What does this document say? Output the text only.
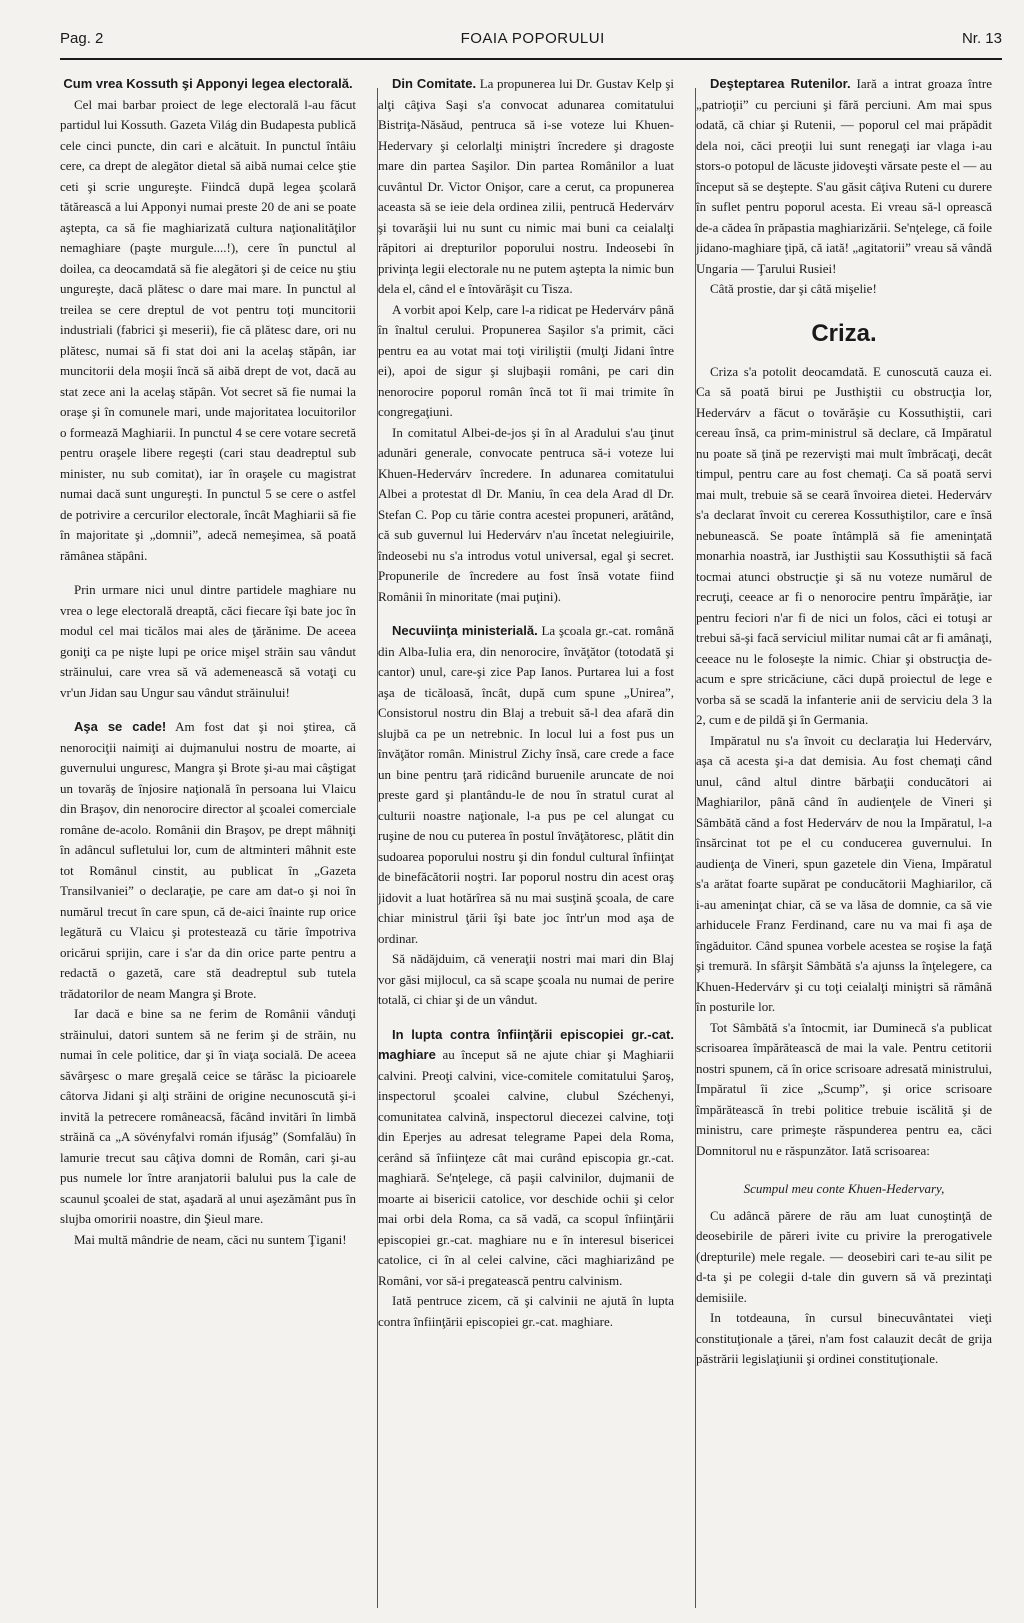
Pag. 2	FOAIA POPORULUI	Nr. 13

Cum vrea Kossuth şi Apponyi legea electorală.

Cel mai barbar proiect de lege electorală l-au făcut partidul lui Kossuth. Gazeta Világ din Budapesta publică cele cinci puncte, din cari e alcătuit. In punctul întâiu cere, ca drept de alegător dietal să aibă numai celce ştie ceti şi scrie ungureşte. Fiindcă după legea şcolară tătărească a lui Apponyi numai preste 20 de ani se poate aştepta, ca să fie maghiarizată cultura naţionalităţilor nemaghiare (paşte murgule....!), cere în punctul al doilea, ca deocamdată să fie alegători şi de ceice nu ştiu ungureşte, dacă plătesc o dare mai mare. In punctul al treilea se cere dreptul de vot pentru toţi muncitorii industriali (fabrici şi meserii), fie că plătesc dare, ori nu plătesc, numai să fi stat doi ani la acelaş stăpân, iar muncitorii dela moşii încă să aibă drept de vot, dacă au stat zece ani la acelaş stăpân. Vot secret să fie numai la oraşe şi în comunele mari, unde majoritatea locuitorilor o formează Maghiarii. In punctul 4 se cere votare secretă pentru oraşele libere regeşti (cari stau deadreptul sub minister, nu sub comitat), iar în oraşele cu magistrat numai dacă sunt ungureşti. In punctul 5 se cere o astfel de potrivire a cercurilor electorale, încât Maghiarii să fie în majoritate şi „domnii”, adecă nemeşimea, să poată rămânea stăpâni.

Prin urmare nici unul dintre partidele maghiare nu vrea o lege electorală dreaptă, căci fiecare îşi bate joc în modul cel mai ticălos mai ales de ţărănime. De aceea goniţi ca pe nişte lupi pe orice mişel străin sau vândut străinului, care vrea să vă ademenească să votaţi cu vr'un Jidan sau Ungur sau vândut străinului!

Aşa se cade! Am fost dat şi noi ştirea, că nenorociţii naimiţi ai dujmanului nostru de moarte, ai guvernului unguresc, Mangra şi Brote şi-au mai câştigat un tovarăş de înjosire naţională în persoana lui Vlaicu din Braşov, din nenorocire director al şcoalei comerciale române de-acolo. Românii din Braşov, pe drept mâhniţi în adâncul sufletului lor, cum de altminteri mâhnit este tot Românul cinstit, au publicat în „Gazeta Transilvaniei” o declaraţie, pe care am dat-o şi noi în numărul trecut în care spun, că de-aici înainte rup orice legătură cu Vlaicu şi protestează cu tărie împotriva oricărui sprijin, care i s'ar da din orice parte pentru a redactă o gazetă, care stă deadreptul sub tutela trădatorilor de neam Mangra şi Brote.

Iar dacă e bine sa ne ferim de Românii vânduţi străinului, datori suntem să ne ferim şi de străin, nu numai în cele politice, dar şi în viaţa socială. De aceea săvârşesc o mare greşală ceice se târăsc la picioarele câtorva Jidani şi alţi străini de origine necunoscută şi-i invită la petrecere româneacsă, făcând invitări în limbă străină ca „A sövényfalvi román ifjuság” (Somfalău) în lamurie trecut sau câţiva domni de Român, cari şi-au pus numele lor între aranjatorii balului pus la cale de scaunul şcoalei de stat, aşadară al unui aşezământ pus în slujba omoririi noastre, din Şieul mare.

Mai multă mândrie de neam, căci nu suntem Ţigani!

Din Comitate. La propunerea lui Dr. Gustav Kelp şi alţi câţiva Saşi s'a convocat adunarea comitatului Bistriţa-Năsăud, pentruca să i-se voteze lui Khuen-Hedervary şi celorlalţi miniştri încredere şi dragoste mare din partea Saşilor. Din partea Românilor a luat cuvântul Dr. Victor Onişor, care a cerut, ca propunerea aceasta să se ieie dela ordinea zilii, pentrucă Hedervárv şi tovarăşii lui nu sunt cu nimic mai buni ca ceialalţi răpitori ai drepturilor poporului nostru. Indeosebi în privinţa legii electorale nu ne putem aştepta la nimic bun dela el, când el e întovărăşit cu Tisza.

A vorbit apoi Kelp, care l-a ridicat pe Hedervárv până în înaltul cerului. Propunerea Saşilor s'a primit, căci pentru ea au votat mai toţi viriliştii (mulţi Jidani între ei), apoi de sigur şi slujbaşii români, pe cari din nenorocire poporul român încă tot îi mai trimite în congregaţiuni.

In comitatul Albei-de-jos şi în al Aradului s'au ţinut adunări generale, convocate pentruca să-i voteze lui Khuen-Hedervárv încredere. In adunarea comitatului Albei a protestat dl Dr. Maniu, în cea dela Arad dl Dr. Stefan C. Pop cu tărie contra acestei propuneri, arătând, că sub guvernul lui Hedervárv n'au încetat nelegiuirile, îndeosebi nu s'a introdus votul universal, egal şi secret. Propunerile de încredere au fost însă votate fiind Românii în minoritate (mai puţini).

Necuviinţa ministerială. La şcoala gr.-cat. română din Alba-Iulia era, din nenorocire, învăţător (totodată şi cantor) unul, care-şi zice Pap Ianos. Purtarea lui a fost aşa de ticăloasă, încât, după cum spune „Unirea”, Consistorul nostru din Blaj a trebuit să-l dea afară din slujbă ca pe un netrebnic. In locul lui a fost pus un învăţător român. Ministrul Zichy însă, care crede a face un bine pentru ţară ridicând buruenile aruncate de noi preste gard şi plantându-le de nou în stratul curat al culturii noastre naţionale, l-a pus pe cel alungat cu ruşine de nou cu puterea în postul învăţătoresc, plătit din sudoarea poporului nostru şi din fondul cultural înfiinţat de binefăcătorii noştri. Iar poporul nostru din acest oraş jidovit a luat hotărîrea să nu mai susţină şcoala, de care chiar ministrul ţării îşi bate joc într'un mod aşa de ordinar.

Să nădăjduim, că veneraţii nostri mai mari din Blaj vor găsi mijlocul, ca să scape şcoala nu numai de perire totală, ci chiar şi de un vândut.

In lupta contra înfiinţării episcopiei gr.-cat. maghiare au început să ne ajute chiar şi Maghiarii calvini. Preoţi calvini, vice-comitele comitatului Şaroş, inspectorul şcoalei calvine, clubul Széchenyi, comunitatea calvină, inspectorul diecezei calvine, toţi din Eperjes au adresat telegrame Papei dela Roma, cerând să înfiinţeze cât mai curând episcopia gr.-cat. maghiară. Se'nţelege, că paşii calvinilor, dujmanii de moarte ai bisericii catolice, vor deschide ochii şi celor mai orbi dela Roma, ca să vadă, ca scopul înfiinţării episcopiei gr.-cat. maghiare nu e în interesul bisericei catolice, ci în al celei calvine, căci maghiarizând pe Români, vor să-i pregatească pentru calvinism.

Iată pentruce zicem, că şi calvinii ne ajută în lupta contra înfiinţării episcopiei gr.-cat. maghiare.

Deşteptarea Rutenilor. Iară a intrat groaza între „patrioţii” cu perciuni şi fără perciuni. Am mai spus odată, că chiar şi Rutenii, — poporul cel mai prăpădit dela noi, căci preoţii lui sunt renegaţi iar vlaga i-au stors-o potopul de lăcuste jidoveşti vărsate peste el — au început să se deştepte. S'au găsit câţiva Ruteni cu durere în suflet pentru poporul acesta. Ei vreau să-l oprească de-a cădea în prăpastia maghiarizării. Se'nţelege, că foile jidano-maghiare ţipă, că iată! „agitatorii” vreau să vândă Ungaria — Ţarului Rusiei!

Câtă prostie, dar şi câtă mişelie!

Criza.

Criza s'a potolit deocamdată. E cunoscută cauza ei. Ca să poată birui pe Justhiştii cu obstrucţia lor, Hedervárv a făcut o tovărăşie cu Kossuthiştii, cari cereau însă, ca prim-ministrul să declare, că Impăratul nu poate să ţină pe rezervişti mai mult îmbrăcaţi, decât timpul, pentru care au fost chemaţi. Ca să poată servi mai mult, trebuie să se ceară învoirea dietei. Hedervárv s'a declarat învoit cu cererea Kossuthiştilor, care e însă nebunească. Se poate întâmplă să fie ameninţată monarhia noastră, iar Justhiştii sau Kossuthiştii să facă tocmai atunci obstrucţie şi să nu voteze numărul de recruţi, ceeace ar fi o nenorocire pentru împărăţie, iar pentru feciori n'ar fi de nici un folos, căci ei totuşi ar trebui să-şi facă serviciul militar numai cât ar fi amânaţi, ceeace nu le foloseşte la nimic. Chiar şi obstrucţia de-acum e spre stricăciune, căci după proiectul de lege e vorba să se scadă la infanterie anii de serviciu dela 3 la 2, cum e de pildă şi în Germania.

Impăratul nu s'a învoit cu declaraţia lui Hedervárv, aşa că acesta şi-a dat demisia. Au fost chemaţi când unul, când altul dintre bărbaţii conducători ai Maghiarilor, până când în audienţele de Vineri şi Sâmbătă cănd a fost Hedervárv de nou la Impăratul, l-a însărcinat tot pe el cu conducerea guvernului. In audienţa de Vineri, spun gazetele din Viena, Impăratul s'a arătat foarte supărat pe conducătorii Maghiarilor, că i-au ameninţat chiar, că se va lăsa de domnie, ca să vie arhiducele Franz Ferdinand, care nu va mai fi aşa de îngăduitor. Când spunea vorbele acestea se roşise la faţă şi tremură. In sfârşit Sâmbătă s'a ajunss la înţelegere, ca Khuen-Hedervárv şi cu toţi ceialalţi miniştri să rămână în posturile lor.

Tot Sâmbătă s'a întocmit, iar Duminecă s'a publicat scrisoarea împărătească de mai la vale. Pentru cetitorii nostri spunem, că în orice scrisoare adresată ministrului, Impăratul îi zice „Scump”, şi orice scrisoare împărătească în trebi politice trebuie iscălită şi de ministru, care primeşte răspunderea pentru ea, căci Domnitorul nu e răspunzător. Iată scrisoarea:

Scumpul meu conte Khuen-Hedervary,

Cu adâncă părere de rău am luat cunoştinţă de deosebirile de păreri ivite cu privire la prerogativele (drepturile) mele regale. — deosebiri cari te-au silit pe d-ta şi pe colegii d-tale din guvern să vă prezintaţi demisiile.

In totdeauna, în cursul binecuvântatei vieţi constituţionale a ţărei, n'am fost calauzit decât de grija păstrării legislaţiunii şi ordinei constituţionale.
